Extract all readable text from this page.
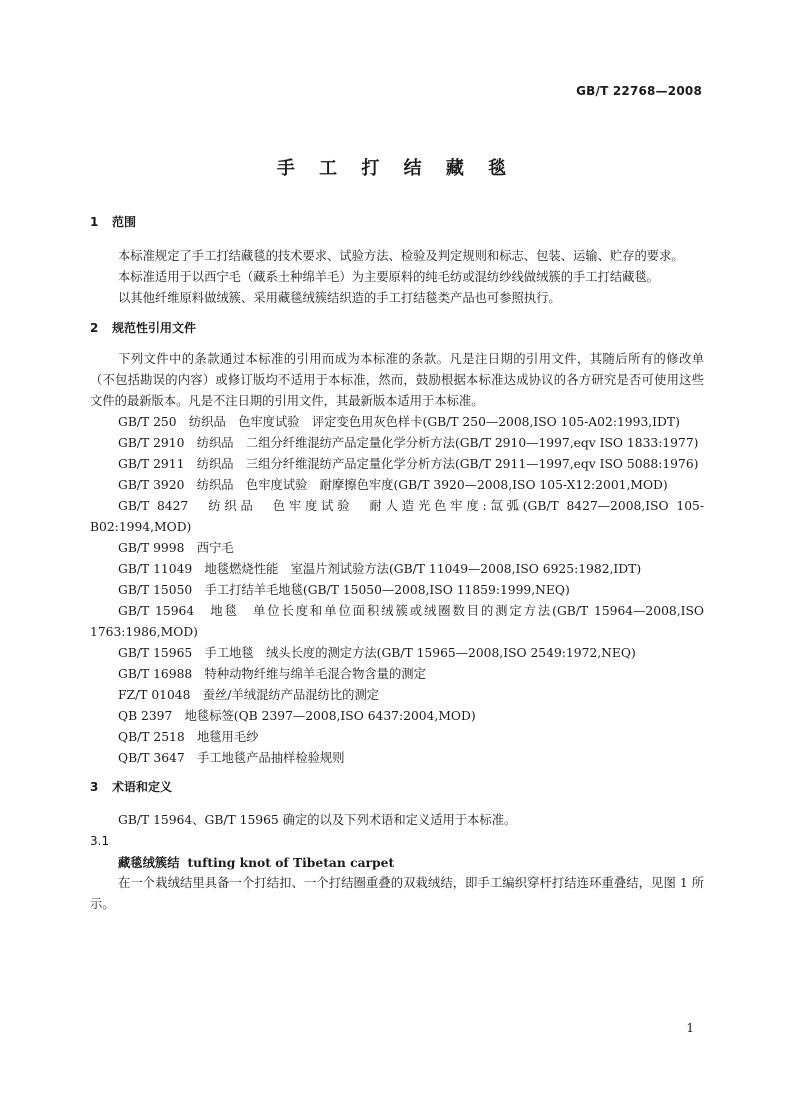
GB/T 22768—2008
手 工 打 结 藏 毯
1 范围

本标准规定了手工打结藏毯的技术要求、试验方法、检验及判定规则和标志、包装、运输、贮存的要求。

本标准适用于以西宁毛（藏系土种绵羊毛）为主要原料的纯毛纺或混纺纱线做绒簇的手工打结藏毯。

以其他纤维原料做绒簇、采用藏毯绒簇结织造的手工打结毯类产品也可参照执行。

2 规范性引用文件

下列文件中的条款通过本标准的引用而成为本标准的条款。凡是注日期的引用文件，其随后所有的修改单（不包括勘误的内容）或修订版均不适用于本标准，然而，鼓励根据本标准达成协议的各方研究是否可使用这些文件的最新版本。凡是不注日期的引用文件，其最新版本适用于本标准。

GB/T 250　纺织品　色牢度试验　评定变色用灰色样卡(GB/T 250—2008,ISO 105-A02:1993,IDT)

GB/T 2910　纺织品　二组分纤维混纺产品定量化学分析方法(GB/T 2910—1997,eqv ISO 1833:1977)

GB/T 2911　纺织品　三组分纤维混纺产品定量化学分析方法(GB/T 2911—1997,eqv ISO 5088:1976)

GB/T 3920　纺织品　色牢度试验　耐摩擦色牢度(GB/T 3920—2008,ISO 105-X12:2001,MOD)

GB/T 8427　纺织品　色牢度试验　耐人造光色牢度:氙弧(GB/T 8427—2008,ISO 105-B02:1994,MOD)

GB/T 9998　西宁毛

GB/T 11049　地毯燃烧性能　室温片剂试验方法(GB/T 11049—2008,ISO 6925:1982,IDT)

GB/T 15050　手工打结羊毛地毯(GB/T 15050—2008,ISO 11859:1999,NEQ)

GB/T 15964　地毯　单位长度和单位面积绒簇或绒圈数目的测定方法(GB/T 15964—2008,ISO 1763:1986,MOD)

GB/T 15965　手工地毯　绒头长度的测定方法(GB/T 15965—2008,ISO 2549:1972,NEQ)

GB/T 16988　特种动物纤维与绵羊毛混合物含量的测定

FZ/T 01048　蚕丝/羊绒混纺产品混纺比的测定

QB 2397　地毯标签(QB 2397—2008,ISO 6437:2004,MOD)

QB/T 2518　地毯用毛纱

QB/T 3647　手工地毯产品抽样检验规则

3 术语和定义

GB/T 15964、GB/T 15965 确定的以及下列术语和定义适用于本标准。

3.1
藏毯绒簇结 tufting knot of Tibetan carpet

在一个栽绒结里具备一个打结扣、一个打结圈重叠的双栽绒结，即手工编织穿杆打结连环重叠结，见图 1 所示。

1
